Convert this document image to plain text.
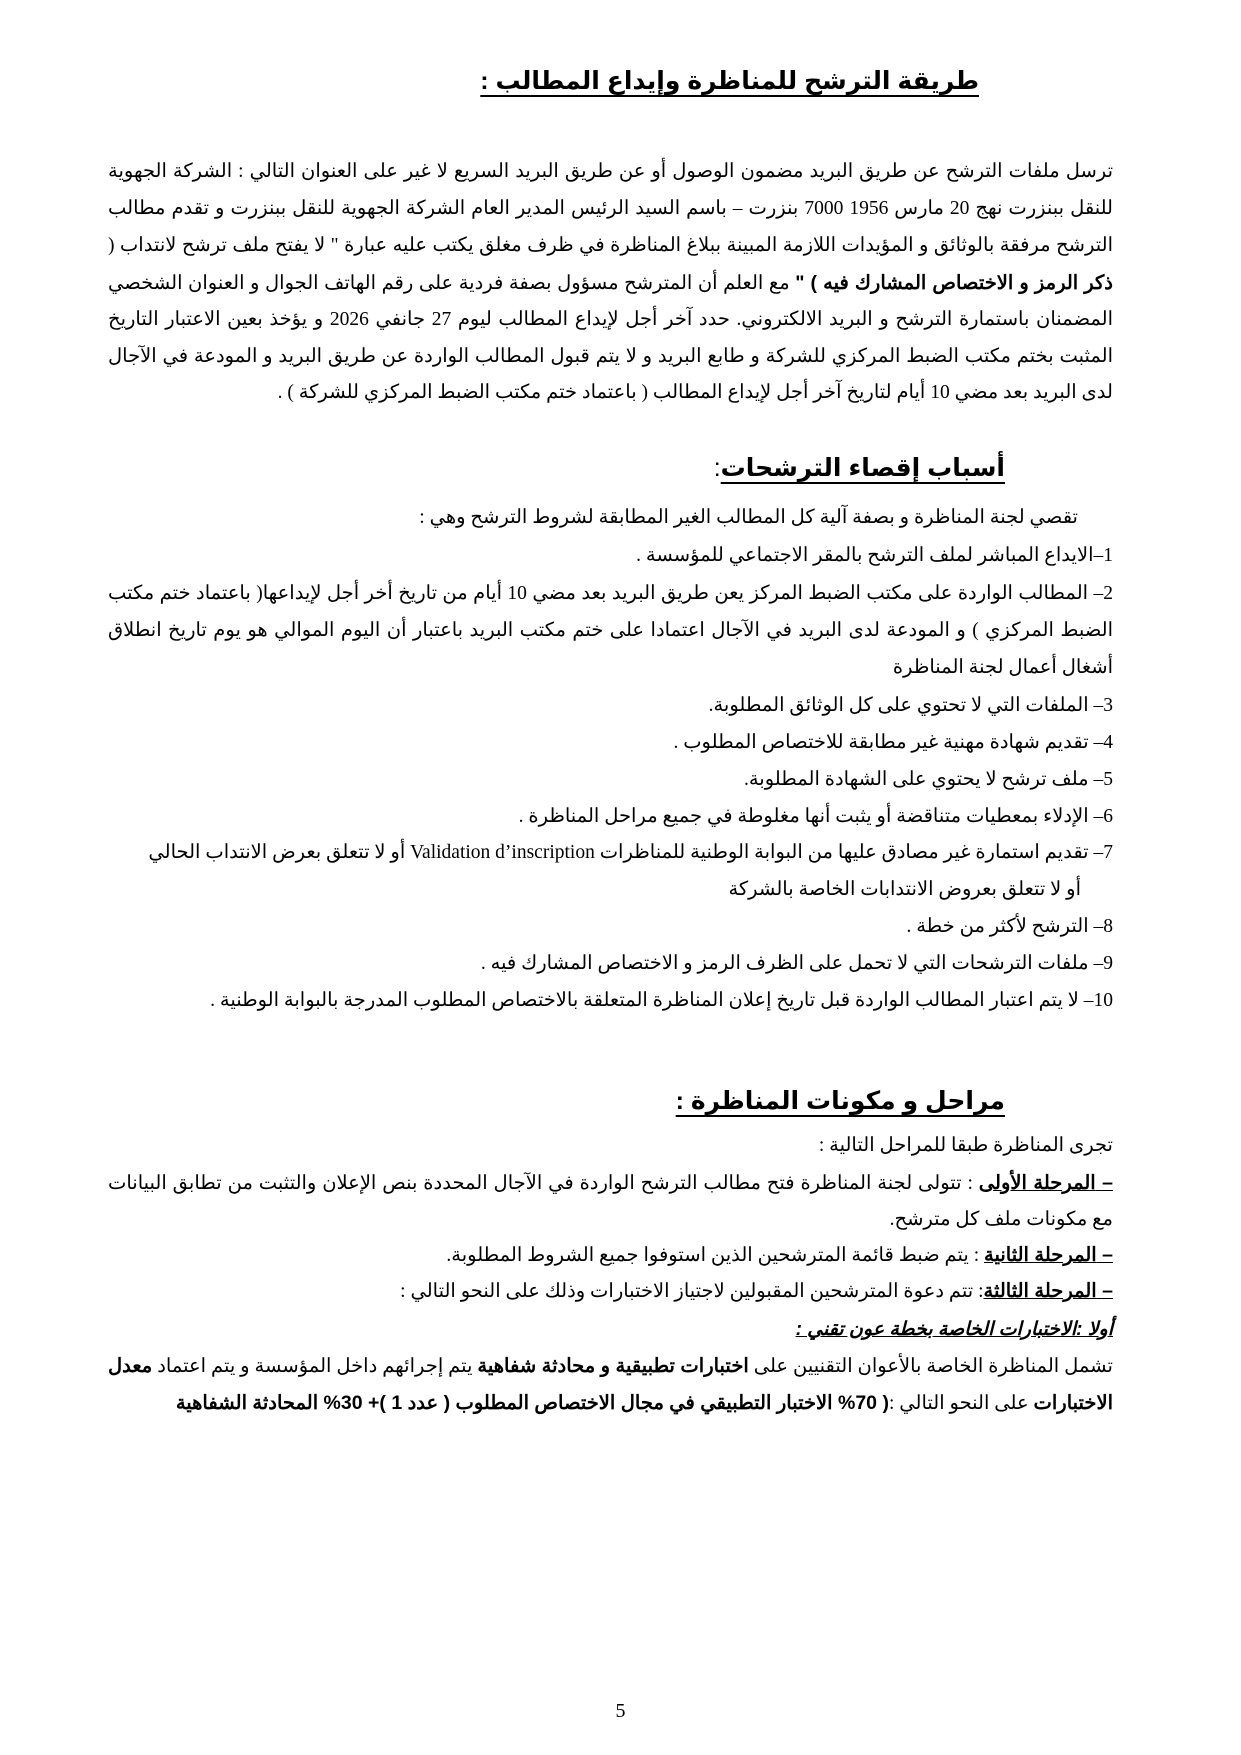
طريقة الترشح للمناظرة وإيداع المطالب :
ترسل ملفات الترشح عن طريق البريد مضمون الوصول أو عن طريق البريد السريع لا غير على العنوان التالي : الشركة الجهوية للنقل ببنزرت نهج 20 مارس 1956 7000 بنزرت – باسم السيد الرئيس المدير العام الشركة الجهوية للنقل ببنزرت و تقدم مطالب الترشح مرفقة بالوثائق و المؤيدات اللازمة المبينة ببلاغ المناظرة في ظرف مغلق يكتب عليه عبارة " لا يفتح ملف ترشح لانتداب ( ذكر الرمز و الاختصاص المشارك فيه ) " مع العلم أن المترشح مسؤول بصفة فردية على رقم الهاتف الجوال و العنوان الشخصي المضمنان باستمارة الترشح و البريد الالكتروني. حدد آخر أجل لإيداع المطالب ليوم 27 جانفي 2026 و يؤخذ بعين الاعتبار التاريخ المثبت بختم مكتب الضبط المركزي للشركة و طابع البريد و لا يتم قبول المطالب الواردة عن طريق البريد و المودعة في الآجال لدى البريد بعد مضي 10 أيام لتاريخ آخر أجل لإيداع المطالب ( باعتماد ختم مكتب الضبط المركزي للشركة ) .
أسباب إقصاء الترشحات:
تقصي لجنة المناظرة و بصفة آلية كل المطالب الغير المطابقة لشروط الترشح وهي :
1–الايداع المباشر لملف الترشح بالمقر الاجتماعي للمؤسسة .
2– المطالب الواردة على مكتب الضبط المركز يعن طريق البريد بعد مضي 10 أيام من تاريخ أخر أجل لإيداعها( باعتماد ختم مكتب الضبط المركزي ) و المودعة لدى البريد في الآجال اعتمادا على ختم مكتب البريد باعتبار أن اليوم الموالي هو يوم تاريخ انطلاق أشغال أعمال لجنة المناظرة
3– الملفات التي لا تحتوي على كل الوثائق المطلوبة.
4– تقديم شهادة مهنية غير مطابقة للاختصاص المطلوب .
5– ملف ترشح لا يحتوي على الشهادة المطلوبة.
6– الإدلاء بمعطيات متناقضة أو يثبت أنها مغلوطة في جميع مراحل المناظرة .
7– تقديم استمارة غير مصادق عليها من البوابة الوطنية للمناظرات Validation d’inscription أو لا تتعلق بعرض الانتداب الحالي
أو لا تتعلق بعروض الانتدابات الخاصة بالشركة
8– الترشح لأكثر من خطة .
9– ملفات الترشحات التي لا تحمل على الظرف الرمز و الاختصاص المشارك فيه .
10– لا يتم اعتبار المطالب الواردة قبل تاريخ إعلان المناظرة المتعلقة بالاختصاص المطلوب المدرجة بالبوابة الوطنية .
مراحل و مكونات المناظرة :
تجرى المناظرة طبقا للمراحل التالية :
– المرحلة الأولى : تتولى لجنة المناظرة فتح مطالب الترشح الواردة في الآجال المحددة بنص الإعلان والتثبت من تطابق البيانات مع مكونات ملف كل مترشح.
– المرحلة الثانية : يتم ضبط قائمة المترشحين الذين استوفوا جميع الشروط المطلوبة.
– المرحلة الثالثة: تتم دعوة المترشحين المقبولين لاجتياز الاختبارات وذلك على النحو التالي :
أولا :الاختبارات الخاصة بخطة عون تقني :
تشمل المناظرة الخاصة بالأعوان التقنيين على اختبارات تطبيقية و محادثة شفاهية يتم إجرائهم داخل المؤسسة و يتم اعتماد معدل الاختبارات على النحو التالي :( 70% الاختبار التطبيقي في مجال الاختصاص المطلوب ( عدد 1 )+ 30% المحادثة الشفاهية
5
